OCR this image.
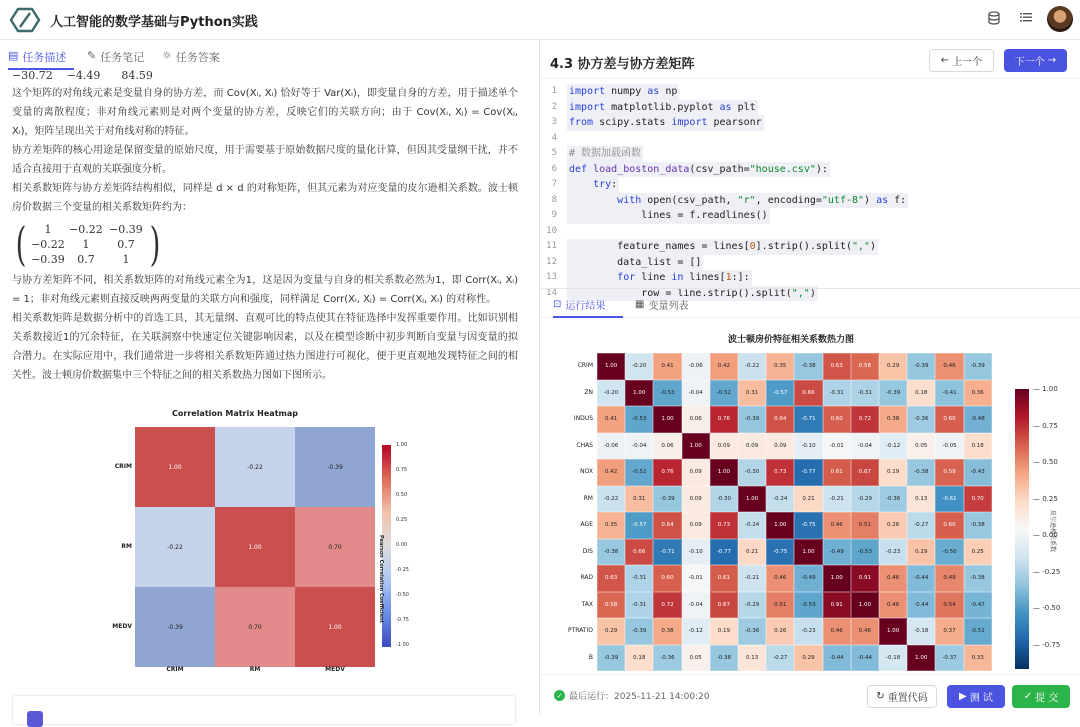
人工智能的数学基础与Python实践
▤ 任务描述 ✎ 任务笔记 ☼ 任务答案
−30.72    −4.49      84.59

这个矩阵的对角线元素是变量自身的协方差，而 Cov(Xᵢ, Xᵢ) 恰好等于 Var(Xᵢ)，即变量自身的方差，用于描述单个变量的离散程度；非对角线元素则是对两个变量的协方差，反映它们的关联方向；由于 Cov(Xᵢ, Xⱼ) = Cov(Xⱼ, Xᵢ)，矩阵呈现出关于对角线对称的特征。

协方差矩阵的核心用途是保留变量的原始尺度，用于需要基于原始数据尺度的量化计算，但因其受量纲干扰，并不适合直接用于直观的关联强度分析。

相关系数矩阵与协方差矩阵结构相似，同样是 d × d 的对称矩阵，但其元素为对应变量的皮尔逊相关系数。波士顿房价数据三个变量的相关系数矩阵约为：

(	1	−0.22 −0.39
−0.22	1	0.7
−0.39	0.7	1 )

与协方差矩阵不同，相关系数矩阵的对角线元素全为1，这是因为变量与自身的相关系数必然为1，即 Corr(Xᵢ, Xᵢ) = 1；非对角线元素则直接反映两两变量的关联方向和强度，同样满足 Corr(Xᵢ, Xⱼ) = Corr(Xⱼ, Xᵢ) 的对称性。

相关系数矩阵是数据分析中的首选工具，其无量纲、直观可比的特点使其在特征选择中发挥重要作用。比如识别相关系数接近1的冗余特征，在关联洞察中快速定位关键影响因素，以及在模型诊断中初步判断自变量与因变量的拟合潜力。在实际应用中，我们通常进一步将相关系数矩阵通过热力图进行可视化，便于更直观地发现特征之间的相关性。波士顿房价数据集中三个特征之间的相关系数热力图如下图所示。

Correlation Matrix Heatmap
Pearson Correlation Coefficient
1.00	-0.22	-0.39
-0.22	1.00	0.70
-0.39	0.70	1.00
CRIM
CRIM
RM
RM
MEDV
MEDV
1.00
0.75
0.50
0.25
0.00
-0.25
-0.50
-0.75
-1.00
4.3 协方差与协方差矩阵	← 上一个	下一个 →
1 import numpy as np
2 import matplotlib.pyplot as plt
3 from scipy.stats import pearsonr
4
5 # 数据加载函数
6 def load_boston_data(csv_path="house.csv"):
7	try:
8	with open(csv_path, "r", encoding="utf-8") as f:
9 lines = f.readlines()
10
11 feature_names = lines[0].strip().split(",")
12 data_list = []
13	for line in lines[1:]:
14 row = line.strip().split(",")
⊡ 运行结果	▦ 变量列表
波士顿房价特征相关系数热力图
CRIM	1.00	-0.20	0.41	-0.06	0.42	-0.22	0.35	-0.38	0.63	0.58	0.29	-0.39	0.46	-0.39
ZN	-0.20	1.00	-0.53	-0.04	-0.52	0.31	-0.57	0.66	-0.31	-0.31	-0.39	0.18	-0.41	0.36
INDUS	0.41	-0.53	1.00	0.06	0.76	-0.39	0.64	-0.71	0.60	0.72	0.38	-0.36	0.60	-0.48
CHAS	-0.06	-0.04	0.06	1.00	0.09	0.09	0.09	-0.10	-0.01	-0.04	-0.12	0.05	-0.05	0.18
NOX	0.42	-0.52	0.76	0.09	1.00	-0.30	0.73	-0.77	0.61	0.67	0.19	-0.38	0.59	-0.43
RM	-0.22	0.31	-0.39	0.09	-0.30	1.00	-0.24	0.21	-0.21	-0.29	-0.36	0.13	-0.61	0.70
AGE	0.35	-0.57	0.64	0.09	0.73	-0.24	1.00	-0.75	0.46	0.51	0.26	-0.27	0.60	-0.38
DIS	-0.38	0.66	-0.71	-0.10	-0.77	0.21	-0.75	1.00	-0.49	-0.53	-0.23	0.29	-0.50	0.25
RAD	0.63	-0.31	0.60	-0.01	0.61	-0.21	0.46	-0.49	1.00	0.91	0.46	-0.44	0.49	-0.38
TAX	0.58	-0.31	0.72	-0.04	0.67	-0.29	0.51	-0.53	0.91	1.00	0.46	-0.44	0.54	-0.47
PTRATIO	0.29	-0.39	0.38	-0.12	0.19	-0.36	0.26	-0.23	0.46	0.46	1.00	-0.18	0.37	-0.51
B	-0.39	0.18	-0.36	0.05	-0.38	0.13	-0.27	0.29	-0.44	-0.44	-0.18	1.00	-0.37	0.33
— 1.00
— 0.75
— 0.50
— 0.25
— 0.00
— -0.25
— -0.50
— -0.75
皮尔逊相关系数
✓ 最后运行：2025-11-21 14:00:20	↻ 重置代码	▶ 测 试	✓ 提 交
